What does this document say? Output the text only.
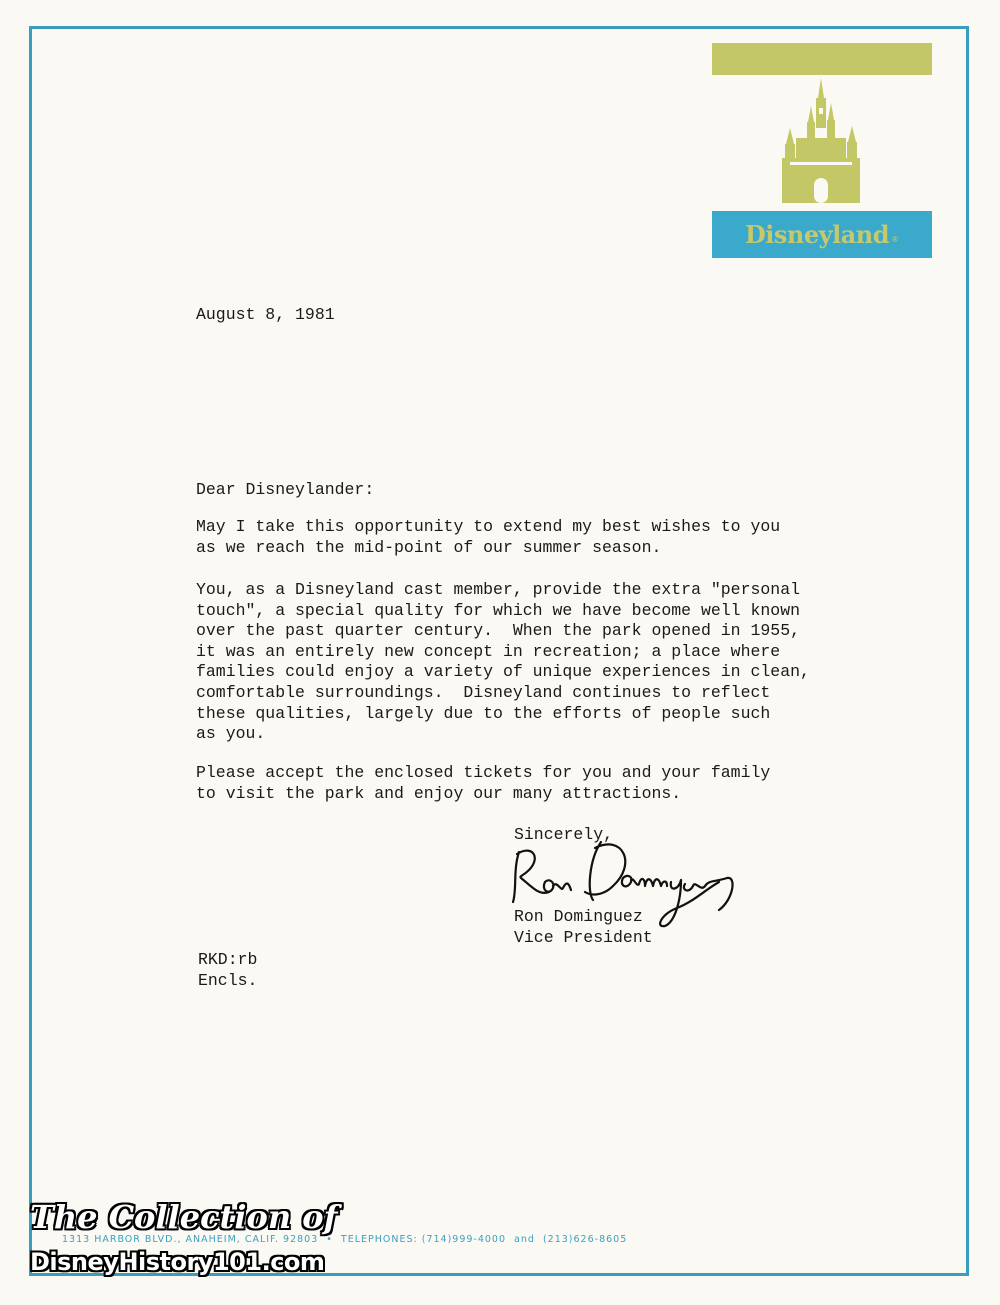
Disneyland ®
August 8, 1981
Dear Disneylander:
May I take this opportunity to extend my best wishes to you
as we reach the mid-point of our summer season.
You, as a Disneyland cast member, provide the extra "personal
touch", a special quality for which we have become well known
over the past quarter century.  When the park opened in 1955,
it was an entirely new concept in recreation; a place where
families could enjoy a variety of unique experiences in clean,
comfortable surroundings.  Disneyland continues to reflect
these qualities, largely due to the efforts of people such
as you.
Please accept the enclosed tickets for you and your family
to visit the park and enjoy our many attractions.
Sincerely,
Ron Dominguez
Vice President
RKD:rb
Encls.
1313 HARBOR BLVD., ANAHEIM, CALIF. 92803  •  TELEPHONES: (714)999-4000  and  (213)626-8605
The Collection of
DisneyHistory101.com
